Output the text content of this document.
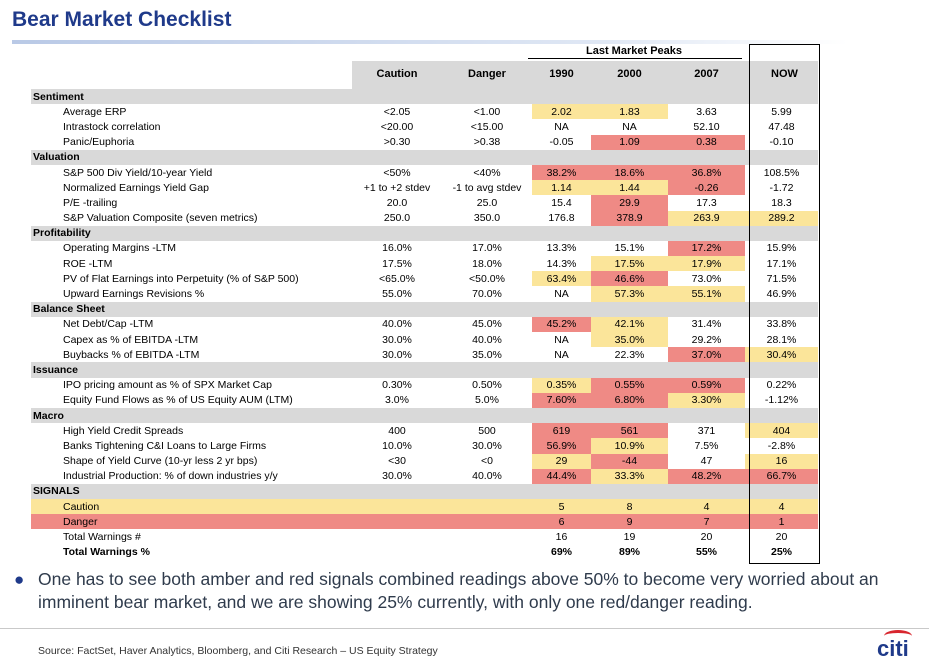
Bear Market Checklist
Last Market Peaks
Caution	Danger	1990	2000	2007	NOW
Sentiment						
Average ERP	<2.05	<1.00	2.02	1.83	3.63	5.99
Intrastock correlation	<20.00	<15.00	NA	NA	52.10	47.48
Panic/Euphoria	>0.30	>0.38	-0.05	1.09	0.38	-0.10
Valuation						
S&P 500 Div Yield/10-year Yield	<50%	<40%	38.2%	18.6%	36.8%	108.5%
Normalized Earnings Yield Gap	+1 to +2 stdev	-1 to avg stdev	1.14	1.44	-0.26	-1.72
P/E -trailing	20.0	25.0	15.4	29.9	17.3	18.3
S&P Valuation Composite (seven metrics)	250.0	350.0	176.8	378.9	263.9	289.2
Profitability						
Operating Margins -LTM	16.0%	17.0%	13.3%	15.1%	17.2%	15.9%
ROE -LTM	17.5%	18.0%	14.3%	17.5%	17.9%	17.1%
PV of Flat Earnings into Perpetuity (% of S&P 500)	<65.0%	<50.0%	63.4%	46.6%	73.0%	71.5%
Upward Earnings Revisions %	55.0%	70.0%	NA	57.3%	55.1%	46.9%
Balance Sheet						
Net Debt/Cap -LTM	40.0%	45.0%	45.2%	42.1%	31.4%	33.8%
Capex as % of EBITDA -LTM	30.0%	40.0%	NA	35.0%	29.2%	28.1%
Buybacks % of EBITDA -LTM	30.0%	35.0%	NA	22.3%	37.0%	30.4%
Issuance						
IPO pricing amount as % of SPX Market Cap	0.30%	0.50%	0.35%	0.55%	0.59%	0.22%
Equity Fund Flows as % of US Equity AUM (LTM)	3.0%	5.0%	7.60%	6.80%	3.30%	-1.12%
Macro						
High Yield Credit Spreads	400	500	619	561	371	404
Banks Tightening C&I Loans to Large Firms	10.0%	30.0%	56.9%	10.9%	7.5%	-2.8%
Shape of Yield Curve (10-yr less 2 yr bps)	<30	<0	29	-44	47	16
Industrial Production: % of down industries y/y	30.0%	40.0%	44.4%	33.3%	48.2%	66.7%
SIGNALS						
Caution			5	8	4	4
Danger			6	9	7	1
Total Warnings #			16	19	20	20
Total Warnings %			69%	89%	55%	25%
● One has to see both amber and red signals combined readings above 50% to become very worried about an imminent bear market, and we are showing 25% currently, with only one red/danger reading.
Source: FactSet, Haver Analytics, Bloomberg, and Citi Research – US Equity Strategy	citi
